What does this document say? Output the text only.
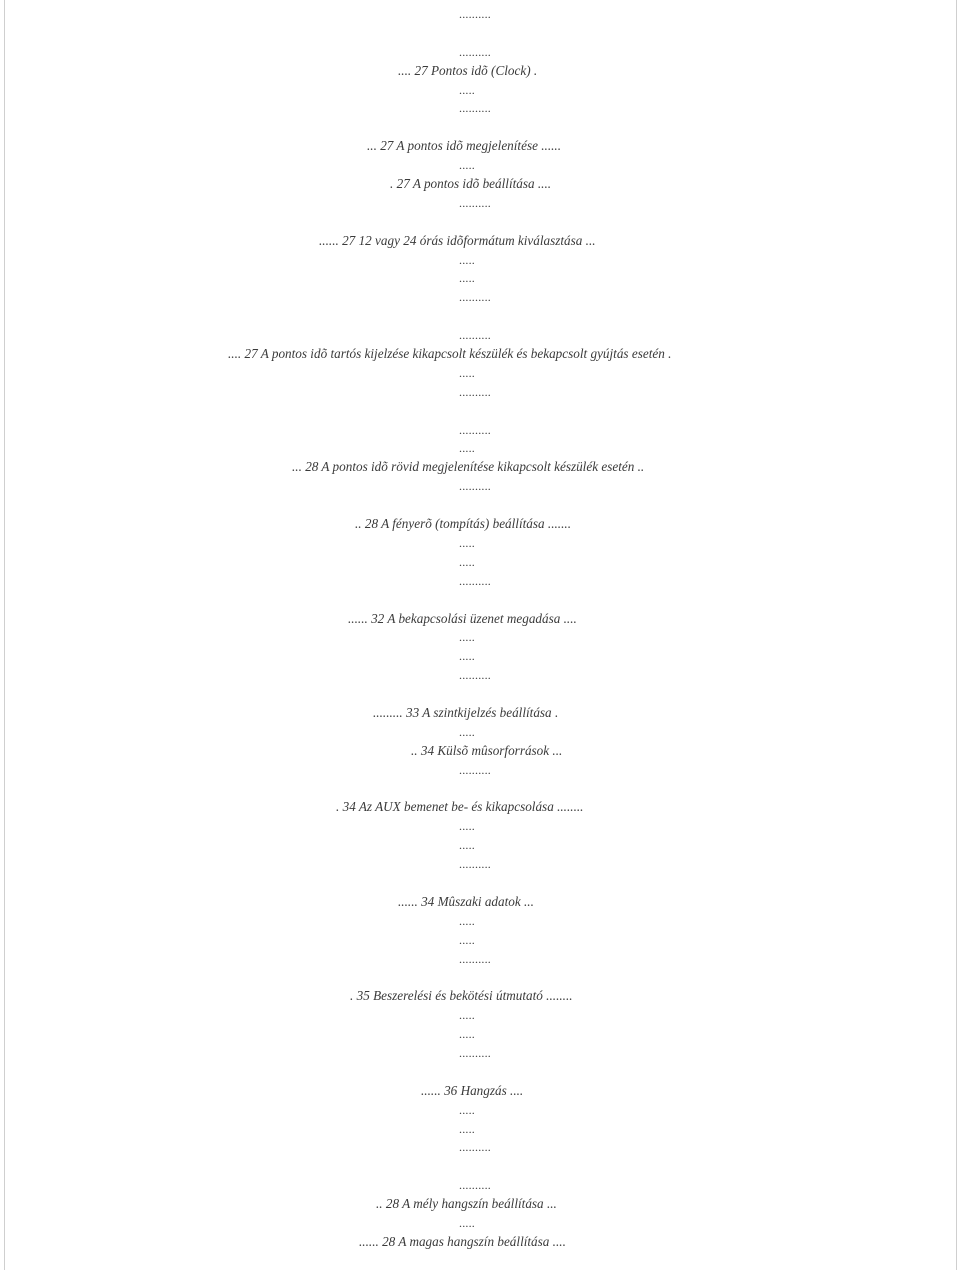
..........
..........
.... 27 Pontos idõ (Clock) .
.....
..........
... 27 A pontos idõ megjelenítése ......
.....
. 27 A pontos idõ beállítása ....
..........
...... 27 12 vagy 24 órás idõformátum kiválasztása ...
.....
.....
..........
..........
.... 27 A pontos idõ tartós kijelzése kikapcsolt készülék és bekapcsolt gyújtás esetén .
.....
..........
..........
.....
... 28 A pontos idõ rövid megjelenítése kikapcsolt készülék esetén ..
..........
.. 28 A fényerõ (tompítás) beállítása .......
.....
.....
..........
...... 32 A bekapcsolási üzenet megadása ....
.....
.....
..........
......... 33 A szintkijelzés beállítása .
.....
.. 34 Külsõ mûsorforrások ...
..........
. 34 Az AUX bemenet be- és kikapcsolása ........
.....
.....
..........
...... 34 Mûszaki adatok ...
.....
.....
..........
. 35 Beszerelési és bekötési útmutató ........
.....
.....
..........
...... 36 Hangzás ....
.....
.....
..........
..........
.. 28 A mély hangszín beállítása ...
.....
...... 28 A magas hangszín beállítása ....
